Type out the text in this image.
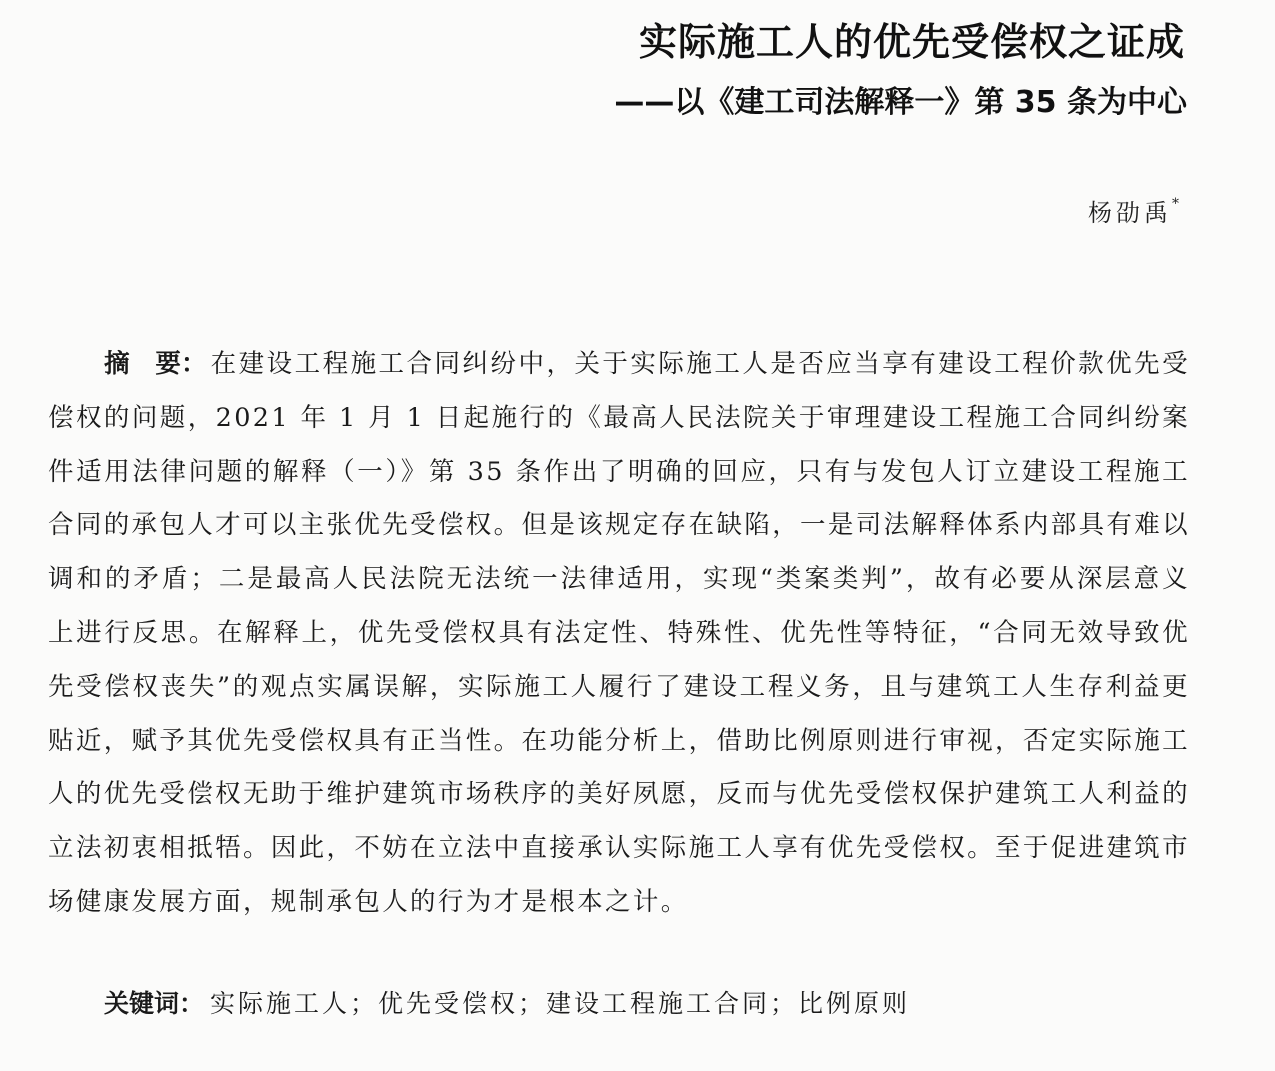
实际施工人的优先受偿权之证成
——以《建工司法解释一》第 35 条为中心
杨劭禹*

摘　要： 在建设工程施工合同纠纷中，关于实际施工人是否应当享有建设工程价款优先受偿权的问题，2021 年 1 月 1 日起施行的《最高人民法院关于审理建设工程施工合同纠纷案件适用法律问题的解释（一）》第 35 条作出了明确的回应，只有与发包人订立建设工程施工合同的承包人才可以主张优先受偿权。但是该规定存在缺陷，一是司法解释体系内部具有难以调和的矛盾；二是最高人民法院无法统一法律适用，实现“类案类判”，故有必要从深层意义上进行反思。在解释上，优先受偿权具有法定性、特殊性、优先性等特征，“合同无效导致优先受偿权丧失”的观点实属误解，实际施工人履行了建设工程义务，且与建筑工人生存利益更贴近，赋予其优先受偿权具有正当性。在功能分析上，借助比例原则进行审视，否定实际施工人的优先受偿权无助于维护建筑市场秩序的美好夙愿，反而与优先受偿权保护建筑工人利益的立法初衷相抵牾。因此，不妨在立法中直接承认实际施工人享有优先受偿权。至于促进建筑市场健康发展方面，规制承包人的行为才是根本之计。

关键词： 实际施工人；优先受偿权；建设工程施工合同；比例原则
